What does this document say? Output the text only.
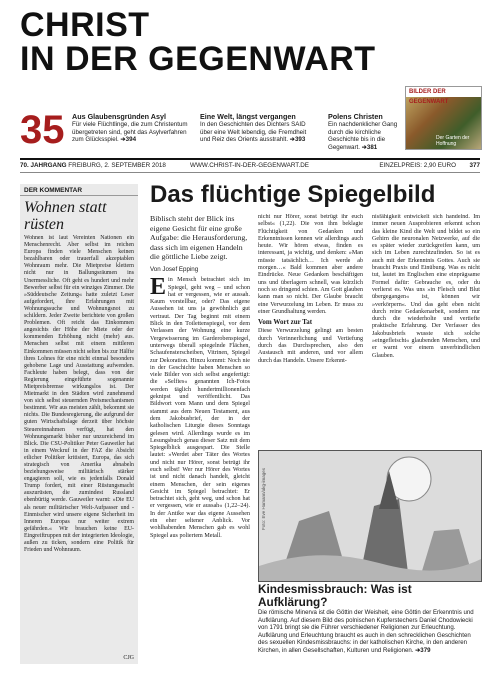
CHRIST
IN DER GEGENWART
BILDER DER GEGENWART
Der Garten der Hoffnung
35 Aus Glaubensgründen Asyl
Für viele Flüchtlinge, die zum Christentum übergetreten sind, geht das Asylverfahren zum Glücksspiel. ➔394
Eine Welt, längst vergangen
In den Geschichten des Dichters SAID über eine Welt lebendig, die Fremdheit und Reiz des Orients ausstrahlt. ➔393
Polens Christen
Ein nachdenklicher Gang durch die kirchliche Geschichte bis in die Gegenwart. ➔381
70. JAHRGANG FREIBURG, 2. SEPTEMBER 2018	WWW.CHRIST-IN-DER-GEGENWART.DE	EINZELPREIS: 2,90 EURO 377
DER KOMMENTAR
Wohnen statt rüsten
Wohnen ist laut Vereinten Nationen ein Menschenrecht. Aber selbst im reichen Europa finden viele Menschen keinen bezahlbaren oder trauerfall akzeptablen Wohnraum mehr. Die Mietpreise klettern nicht nur in Ballungsräumen ins Unermessliche. Oft geht es hundert und mehr Bewerber selbst für ein winziges Zimmer. Die »Süddeutsche Zeitung« hatte zuletzt Leser aufgefordert, ihre Erfahrungen mit Wohnungssuche und Wohnungsnot zu schildern. Jeder Zweite berichtete von großen Problemen. Oft reicht das Einkommen angesichts der Höhe der Miete oder der kommenden Erhöhung nicht (mehr) aus. Menschen selbst mit einem mittleren Einkommen müssen nicht selten bis zur Hälfte ihres Lohnes für eine nicht einmal besonders gehobene Lage und Ausstattung aufwenden. Fachleute haben belegt, dass von der Regierung eingeführte sogenannte Mietpreisbremse wirkungslos ist. Der Mietmarkt in den Städten wird zunehmend von sich selbst steuernden Preismechanismen bestimmt. Wir aus meisten zählt, bekommt sie nichts. Die Bundesregierung, die aufgrund der guten Wirtschaftslage derzeit über höchste Steuereinnahmen verfügt, hat den Wohnungsmarkt bisher nur unzureichend im Blick. Die CSU-Politiker Peter Gauweiler hat in einem Weckruf in der FAZ die Absicht etlicher Politiker kritisiert, Europa, das sich strategisch von Amerika abnabeln beziehungsweise militärisch stärker engagieren soll, wie es jedenfalls Donald Trump fordert, mit einer Rüstungsmacht auszurüsten, die zumindest Russland ebenbürtig werde. Gauweiler warnt: »Die EU als neuer militärischer Welt-Aufpasser und -Einmischer wird unsere eigene Sicherheit im Inneren Europas nur weiter extrem gefährden.« Wir brauchen keine EU-Eingreiftruppen mit der integrierten Ideologie, außen zu ticken, sondern eine Politik für Frieden und Wohnraum.
CJG
Das flüchtige Spiegelbild

Biblisch steht der Blick ins eigene Gesicht für eine große Aufgabe: die Herausforderung, dass sich im eigenen Handeln die göttliche Liebe zeigt.

Von Josef Epping

Ein Mensch betrachtet sich im Spiegel, geht weg – und schon hat er vergessen, wie er aussah. Kaum vorstellbar, oder? Das eigene Aussehen ist uns ja gewöhnlich gut vertraut. Der Tag beginnt mit einem Blick in den Toilettenspiegel, vor dem Verlassen der Wohnung eine kurze Vergewisserung im Garderobenspiegel, unterwegs überall spiegelnde Flächen, Schaufensterscheiben, Vitrinen, Spiegel zur Dekoration. Hinzu kommt: Noch nie in der Geschichte haben Menschen so viele Bilder von sich selbst angefertigt: die »Selfies« genannten Ich-Fotos werden täglich hundertmillionenfach geknipst und veröffentlicht. Das Bildwort vom Mann und dem Spiegel stammt aus dem Neuen Testament, aus dem Jakobusbrief, der in der katholischen Liturgie dieses Sonntags gelesen wird. Allerdings wurde es im Lesungsbuch genau dieser Satz mit dem Spiegelblick ausgespart. Die Stelle lautet: »Werdet aber Täter des Wortes und nicht nur Hörer, sonst betrügt ihr euch selbst! Wer nur Hörer des Wortes ist und nicht danach handelt, gleicht einem Menschen, der sein eigenes Gesicht im Spiegel betrachtet: Er betrachtet sich, geht weg, und schon hat er vergessen, wie er aussah« (1,22–24). In der Antike war das eigene Aussehen ein eher seltener Anblick. Vor wohlhabenden Menschen gab es wohl Spiegel aus poliertem Metall.

nicht nur Hörer, sonst betrügt ihr euch selbst« (1,22). Die von ihm beklagte Flüchtigkeit von Gedanken und Erkenntnissen kennen wir allerdings auch heute. Wir hören etwas, finden es interessant, ja wichtig, und denken: »Man müsste tatsächlich… Ich werde ab morgen…« Bald kommen aber andere Eindrücke. Neue Gedanken beschäftigen uns und überlagern schnell, was kürzlich noch so dringend schien. Am Gott glauben kann man so nicht. Der Glaube braucht eine Verwurzelung im Leben. Er muss zu einer Grundhaltung werden.

Vom Wort zur Tat

Diese Verwurzelung gelingt am besten durch Verinnerlichung und Vertiefung durch das Durchsprechen, also den Austausch mit anderen, und vor allem durch das Handeln. Unsere Erkennt-

nisfähigkeit entwickelt sich handelnd. Im immer neuen Ausprobieren erkennt schon das kleine Kind die Welt und bildet so ein Gehirn die neuronalen Netzwerke, auf die es später wieder zurückgreifen kann, um sich im Leben zurechtzufinden. So ist es auch mit der Erkenntnis Gottes. Auch sie braucht Praxis und Einübung. Was es nicht tut, lautet im Englischen eine einprägsame Formel dafür: Gebrauche es, oder du verlierst es. Was uns »in Fleisch und Blut übergegangen« ist, können wir »verkörpern«. Und das geht eben nicht durch reine Gedankenarbeit, sondern nur durch die wiederholte und vertiefte praktische Erfahrung. Der Verfasser des Jakobusbriefs wusste sich solche »eingefleischt« glaubenden Menschen, und er warnt vor einem unverbindlichen Glauben.

Foto: Eve Hamann/akg-images
Kindesmissbrauch: Was ist Aufklärung?
Die römische Minerva ist die Göttin der Weisheit, eine Göttin der Erkenntnis und Aufklärung. Auf diesem Bild des polnischen Kupferstechers Daniel Chodowiecki von 1791 bringt sie die Führer verschiedener Religionen zur Erleuchtung. Aufklärung und Erleuchtung braucht es auch in den schrecklichen Geschichten des sexuellen Kindesmissbrauchs: in der katholischen Kirche, in den anderen Kirchen, in allen Gesellschaften, Kulturen und Religionen. ➔379
